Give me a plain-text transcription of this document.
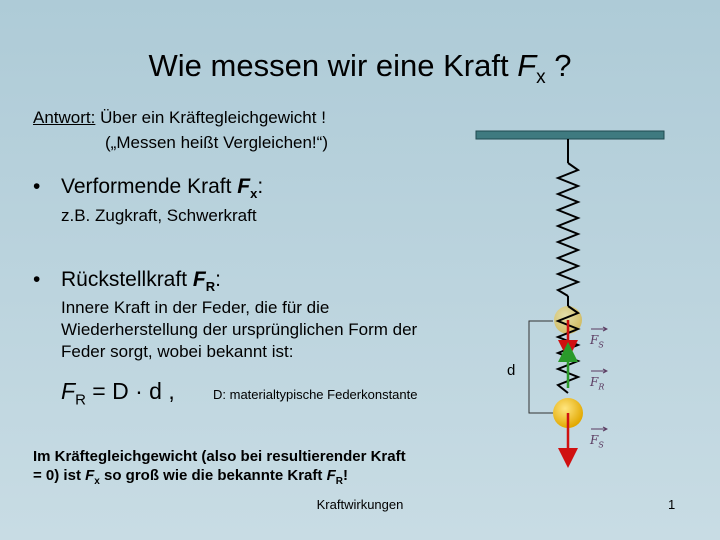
Wie messen wir eine Kraft $F_x$ ?
Antwort: Über ein Kräftegleichgewicht !
(„Messen heißt Vergleichen!“)
• Verformende Kraft $F_x$:
z.B. Zugkraft, Schwerkraft
• Rückstellkraft $F_R$:
Innere Kraft in der Feder, die für die Wiederherstellung der ursprünglichen Form der Feder sorgt, wobei bekannt ist:
$F_R = D \cdot d$ ,	D: materialtypische Federkonstante
d
$F_S$
$F_R$
$F_S$
Im Kräftegleichgewicht (also bei resultierender Kraft
= 0) ist $F_x$ so groß wie die bekannte Kraft $F_R$!
Kraftwirkungen	1
